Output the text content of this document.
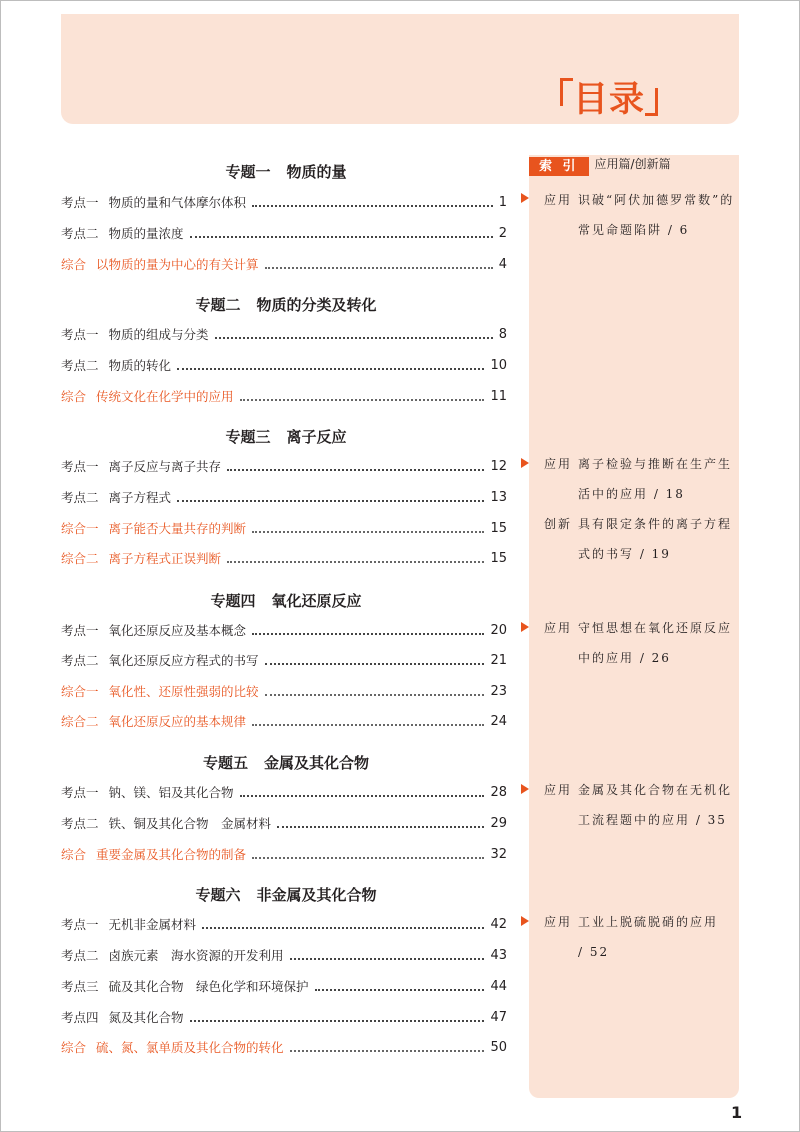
目录
索 引 应用篇/创新篇
专题一 物质的量
考点一 物质的量和气体摩尔体积	1
考点二 物质的量浓度	2
综合 以物质的量为中心的有关计算	4
专题二 物质的分类及转化
考点一 物质的组成与分类	8
考点二 物质的转化	10
综合 传统文化在化学中的应用	11
专题三 离子反应
考点一 离子反应与离子共存	12
考点二 离子方程式	13
综合一 离子能否大量共存的判断	15
综合二 离子方程式正误判断	15
专题四 氧化还原反应
考点一 氧化还原反应及基本概念	20
考点二 氧化还原反应方程式的书写	21
综合一 氧化性、还原性强弱的比较	23
综合二 氧化还原反应的基本规律	24
专题五 金属及其化合物
考点一 钠、镁、铝及其化合物	28
考点二 铁、铜及其化合物　金属材料	29
综合 重要金属及其化合物的制备	32
专题六 非金属及其化合物
考点一 无机非金属材料	42
考点二 卤族元素　海水资源的开发利用	43
考点三 硫及其化合物　绿色化学和环境保护	44
考点四 氮及其化合物	47
综合 硫、氮、氯单质及其化合物的转化	50
应用 识破“阿伏加德罗常数”的
常见命题陷阱 / 6
应用 离子检验与推断在生产生
活中的应用 / 18
创新 具有限定条件的离子方程
式的书写 / 19
应用 守恒思想在氧化还原反应
中的应用 / 26
应用 金属及其化合物在无机化
工流程题中的应用 / 35
应用 工业上脱硫脱硝的应用
/ 52
1
